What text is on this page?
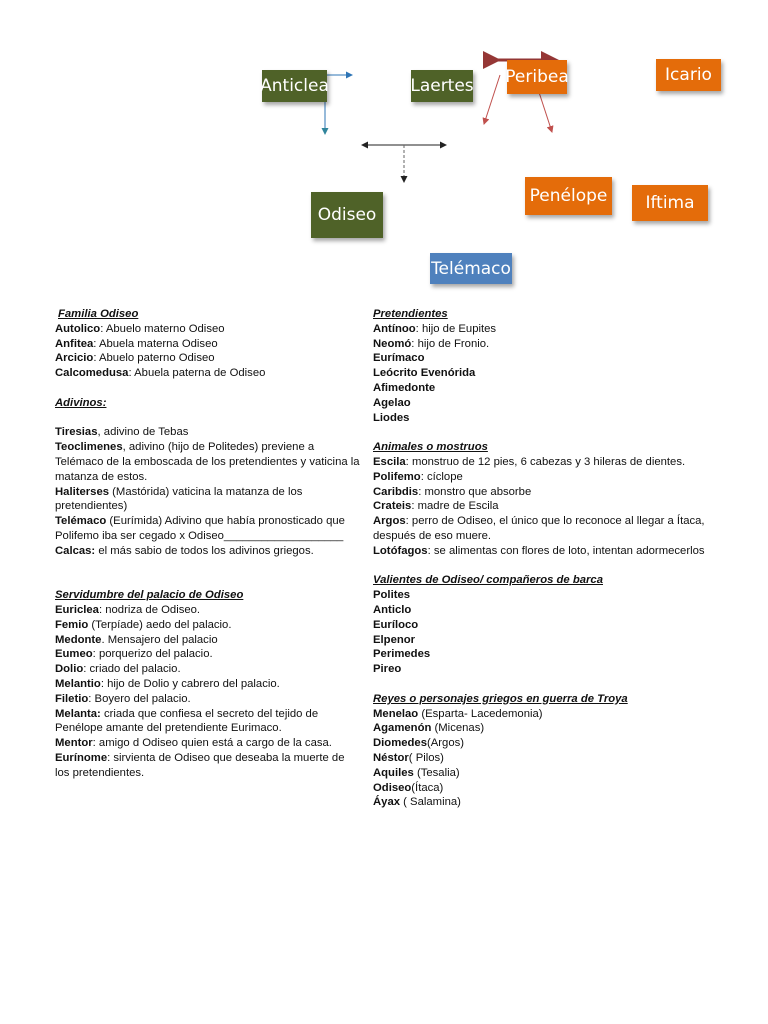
Anticlea	Laertes Peribea	Icario
Odiseo
Penélope Iftima
Telémaco

Familia Odiseo

Autolico: Abuelo materno Odiseo

Anfitea: Abuela materna Odiseo

Arcicio: Abuelo paterno Odiseo

Calcomedusa: Abuela paterna de Odiseo

Adivinos:

Tiresias, adivino de Tebas

Teoclimenes, adivino (hijo de Politedes) previene a Telémaco de la emboscada de los pretendientes y vaticina la matanza de estos.

Haliterses (Mastórida) vaticina la matanza de los pretendientes)

Telémaco (Eurímida) Adivino que había pronosticado que Polifemo iba ser cegado x Odiseo___________________

Calcas: el más sabio de todos los adivinos griegos.

Servidumbre del palacio de Odiseo

Euriclea: nodriza de Odiseo.

Femio (Terpíade) aedo del palacio.

Medonte. Mensajero del palacio

Eumeo: porquerizo del palacio.

Dolio: criado del palacio.

Melantio: hijo de Dolio y cabrero del palacio.

Filetio: Boyero del palacio.

Melanta: criada que confiesa el secreto del tejido de Penélope amante del pretendiente Eurimaco.

Mentor: amigo d Odiseo quien está a cargo de la casa.

Eurínome: sirvienta de Odiseo que deseaba la muerte de los pretendientes.

Pretendientes

Antínoo: hijo de Eupites

Neomó: hijo de Fronio.

Eurímaco

Leócrito Evenórida

Afimedonte

Agelao

Liodes

Animales o mostruos

Escila: monstruo de 12 pies, 6 cabezas y 3 hileras de dientes.

Polifemo: cíclope

Caribdis: monstro que absorbe

Crateis: madre de Escila

Argos: perro de Odiseo, el único que lo reconoce al llegar a Ítaca, después de eso muere.

Lotófagos: se alimentas con flores de loto, intentan adormecerlos

Valientes de Odiseo/ compañeros de barca

Polites

Anticlo

Euríloco

Elpenor

Perimedes

Pireo

Reyes o personajes griegos en guerra de Troya

Menelao (Esparta- Lacedemonia)

Agamenón (Micenas)

Diomedes(Argos)

Néstor( Pilos)

Aquiles (Tesalia)

Odiseo(Ítaca)

Áyax ( Salamina)
